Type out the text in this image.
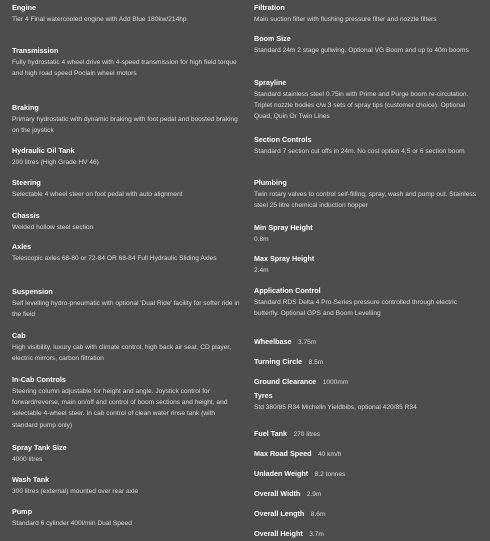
Engine
Tier 4 Final watercooled engine with Add Blue 180kw/214hp
Transmission
Fully hydrostatic 4 wheel drive with 4-speed transmission for high field torque and high road speed Poclain wheel motors
Braking
Primary hydrostatic with dynamic braking with foot pedal and boosted braking on the joystick
Hydraulic Oil Tank
200 litres (High Grade HV 46)
Steering
Selectable 4 wheel steer on foot pedal with auto alignment
Chassis
Welded hollow steel section
Axles
Telescopic axles 68-80 or 72-84 OR 68-84 Full Hydraulic Sliding Axles
Suspension
Self levelling hydro-pneumatic with optional 'Dual Ride' facility for softer ride in the field
Cab
High visibility, luxury cab with climate control, high back air seat, CD player, electric mirrors, carbon filtration
In-Cab Controls
Steering column adjustable for height and angle. Joystick control for forward/reverse, main on/off and control of boom sections and height, and selectable 4-wheel steer. In cab control of clean water rinse tank (with standard pump only)
Spray Tank Size
4000 litres
Wash Tank
300 litres (external) mounted over rear axle
Pump
Standard 6 cylinder 400l/min Dual Speed
Filtration
Main suction filter with flushing pressure filter and nozzle filters
Boom Size
Standard 24m 2 stage gullwing. Optional VG Boom and up to 40m booms
Sprayline
Standard stainless steel 0.75in with Prime and Purge boom re-circulation. Triplet nozzle bodies c/w 3 sets of spray tips (customer choice). Optional Quad, Quin Or Twin Lines
Section Controls
Standard 7 section cut offs in 24m. No cost option 4,5 or 6 section boom
Plumbing
Twin rotary valves to control self-filling, spray, wash and pump out. Stainless steel 25 litre chemical induction hopper
Min Spray Height
0.8m
Max Spray Height
2.4m
Application Control
Standard RDS Delta 4 Pro-Series pressure controlled through electric butterfly. Optional GPS and Boom Levelling
Wheelbase 3.75m
Turning Circle 8.5m
Ground Clearance 1000mm
Tyres
Std 380/85 R34 Michelin Yieldbibs, optional 420/85 R34
Fuel Tank 270 litres
Max Road Speed 40 km/h
Unladen Weight 8.2 tonnes
Overall Width 2.9m
Overall Length 8.6m
Overall Height 3.7m
